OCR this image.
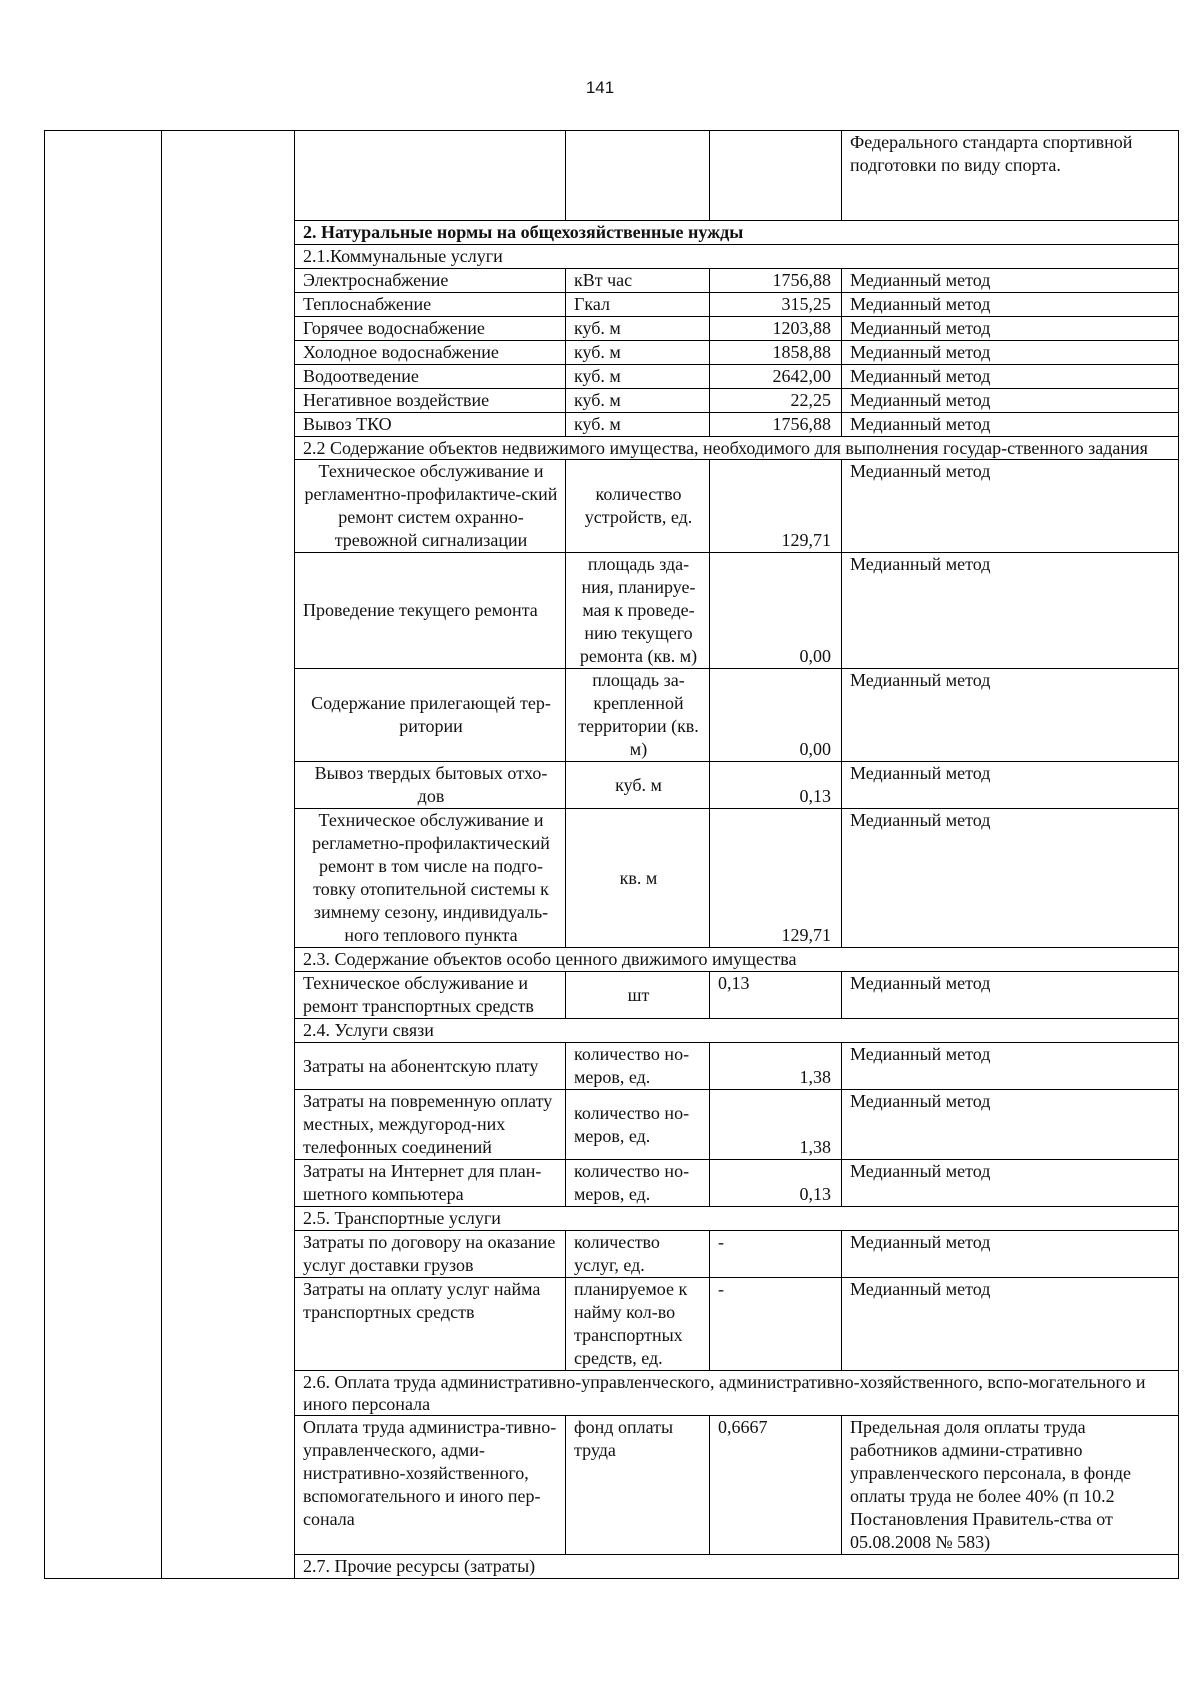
141
					Федерального стандарта спортивной подготовки по виду спорта.
		2. Натуральные нормы на общехозяйственные нужды			
		2.1.Коммунальные услуги			
		Электроснабжение	кВт час	1756,88	Медианный метод
		Теплоснабжение	Гкал	315,25	Медианный метод
		Горячее водоснабжение	куб. м	1203,88	Медианный метод
		Холодное водоснабжение	куб. м	1858,88	Медианный метод
		Водоотведение	куб. м	2642,00	Медианный метод
		Негативное воздействие	куб. м	22,25	Медианный метод
		Вывоз ТКО	куб. м	1756,88	Медианный метод
		2.2 Содержание объектов недвижимого имущества, необходимого для выполнения государ-ственного задания			
		Техническое обслуживание и регламентно-профилактиче-ский ремонт систем охранно-тревожной сигнализации	количество устройств, ед.	129,71	Медианный метод
		Проведение текущего ремонта	площадь зда-ния, планируе-мая к проведе-нию текущего ремонта (кв. м)	0,00	Медианный метод
		Содержание прилегающей тер-ритории	площадь за-крепленной территории (кв. м)	0,00	Медианный метод
		Вывоз твердых бытовых отхо-дов	куб. м	0,13	Медианный метод
		Техническое обслуживание и регламетно-профилактический ремонт в том числе на подго-товку отопительной системы к зимнему сезону, индивидуаль-ного теплового пункта	кв. м	129,71	Медианный метод
		2.3. Содержание объектов особо ценного движимого имущества			
		Техническое обслуживание и ремонт транспортных средств	шт	0,13	Медианный метод
		2.4. Услуги связи			
		Затраты на абонентскую плату	количество но-меров, ед.	1,38	Медианный метод
		Затраты на повременную оплату местных, междугород-них телефонных соединений	количество но-меров, ед.	1,38	Медианный метод
		Затраты на Интернет для план-шетного компьютера	количество но-меров, ед.	0,13	Медианный метод
		2.5. Транспортные услуги			
		Затраты по договору на оказание услуг доставки грузов	количество услуг, ед.	-	Медианный метод
		Затраты на оплату услуг найма транспортных средств	планируемое к найму кол-во транспортных средств, ед.	-	Медианный метод
		2.6. Оплата труда административно-управленческого, административно-хозяйственного, вспо-могательного и иного персонала			
		Оплата труда администра-тивно-управленческого, адми-нистративно-хозяйственного, вспомогательного и иного пер-сонала	фонд оплаты труда	0,6667	Предельная доля оплаты труда работников админи-стративно управленческого персонала, в фонде оплаты труда не более 40% (п 10.2 Постановления Правитель-ства от 05.08.2008 № 583)
		2.7. Прочие ресурсы (затраты)			
